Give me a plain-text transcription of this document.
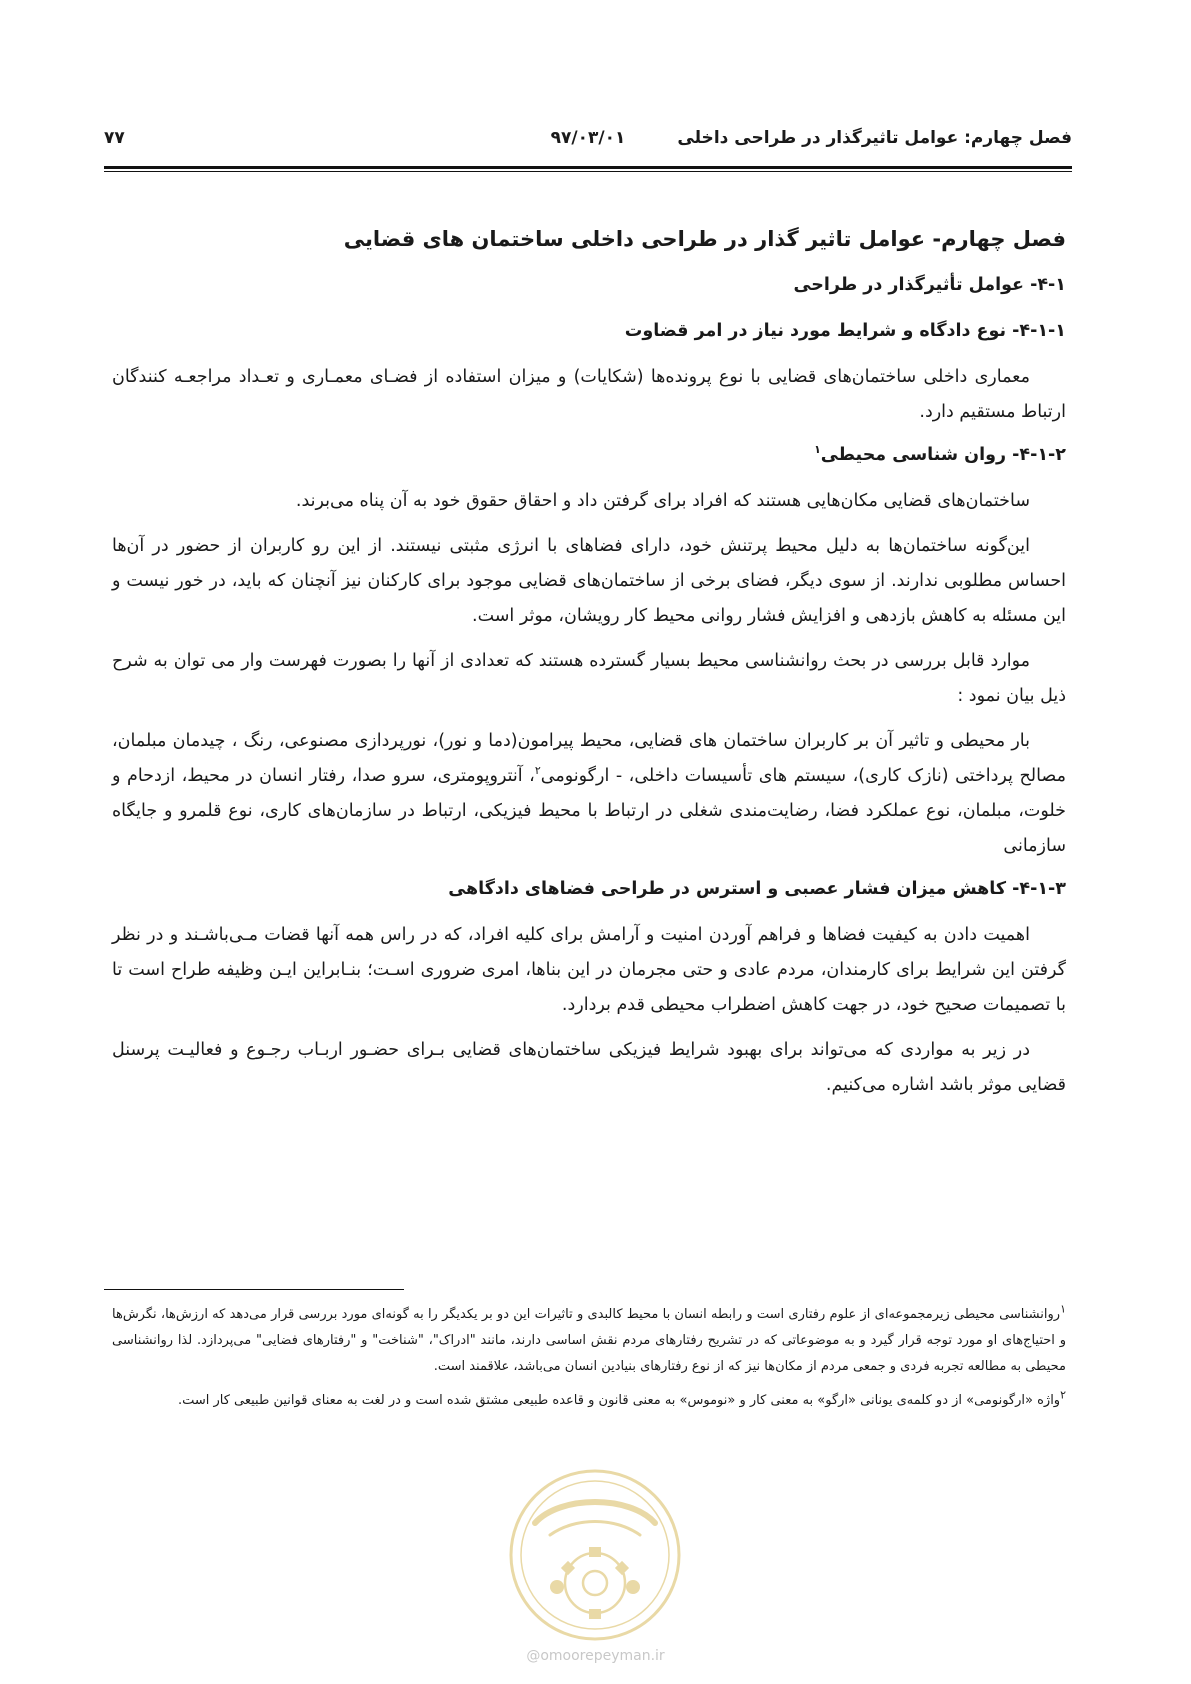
فصل چهارم: عوامل تاثیرگذار در طراحی داخلی
۹۷/۰۳/۰۱
۷۷
فصل چهارم- عوامل تاثیر گذار در طراحی داخلی ساختمان های قضایی
۴-۱- عوامل تأثیرگذار در طراحی
۴-۱-۱- نوع دادگاه و شرایط مورد نیاز در امر قضاوت

معماری داخلی ساختمان‌های قضایی با نوع پرونده‌ها (شکایات) و میزان استفاده از فضـای معمـاری و تعـداد مراجعـه کنندگان ارتباط مستقیم دارد.

۴-۱-۲- روان شناسی محیطی$^۱$

ساختمان‌های قضایی مکان‌هایی هستند که افراد برای گرفتن داد و احقاق حقوق خود به آن پناه می‌برند.

این‌گونه ساختمان‌ها به دلیل محیط پرتنش خود، دارای فضاهای با انرژی مثبتی نیستند. از این رو کاربران از حضور در آن‌ها احساس مطلوبی ندارند. از سوی دیگر، فضای برخی از ساختمان‌های قضایی موجود برای کارکنان نیز آنچنان که باید، در خور نیست و این مسئله به کاهش بازدهی و افزایش فشار روانی محیط کار رویشان، موثر است.

موارد قابل بررسی در بحث روانشناسی محیط بسیار گسترده هستند که تعدادی از آنها را بصورت فهرست وار می توان به شرح ذیل بیان نمود :

بار محیطی و تاثیر آن بر کاربران ساختمان های قضایی، محیط پیرامون(دما و نور)، نورپردازی مصنوعی، رنگ ، چیدمان مبلمان، مصالح پرداختی (نازک کاری)، سیستم های تأسیسات داخلی، - ارگونومی$^۲$، آنتروپومتری، سرو صدا، رفتار انسان در محیط، ازدحام و خلوت، مبلمان، نوع عملکرد فضا، رضایت‌مندی شغلی در ارتباط با محیط فیزیکی، ارتباط در سازمان‌های کاری، نوع قلمرو و جایگاه سازمانی

۴-۱-۳- کاهش میزان فشار عصبی و استرس در طراحی فضاهای دادگاهی

اهمیت دادن به کیفیت فضاها و فراهم آوردن امنیت و آرامش برای کلیه افراد، که در راس همه آنها قضات مـی‌باشـند و در نظر گرفتن این شرایط برای کارمندان، مردم عادی و حتی مجرمان در این بناها، امری ضروری اسـت؛ بنـابراین ایـن وظیفه طراح است تا با تصمیمات صحیح خود، در جهت کاهش اضطراب محیطی قدم بردارد.

در زیر به مواردی که می‌تواند برای بهبود شرایط فیزیکی ساختمان‌های قضایی بـرای حضـور اربـاب رجـوع و فعالیـت پرسنل قضایی موثر باشد اشاره می‌کنیم.

$^۱$روانشناسی محیطی زیرمجموعه‌ای از علوم رفتاری است و رابطه انسان با محیط کالبدی و تاثیرات این دو بر یکدیگر را به گونه‌ای مورد بررسی قرار می‌دهد که ارزش‌ها، نگرش‌ها و احتیاج‌های او مورد توجه قرار گیرد و به موضوعاتی که در تشریح رفتارهای مردم نقش اساسی دارند، مانند "ادراک"، "شناخت" و "رفتارهای فضایی" می‌پردازد. لذا روانشناسی محیطی به مطالعه تجربه فردی و جمعی مردم از مکان‌ها نیز که از نوع رفتارهای بنیادین انسان می‌باشد، علاقمند است.

$^۲$واژه «ارگونومی» از دو کلمه‌ی یونانی «ارگو» به معنی کار و «نوموس» به معنی قانون و قاعده طبیعی مشتق شده است و در لغت به معنای قوانین طبیعی کار است.

@omoorepeyman.ir
